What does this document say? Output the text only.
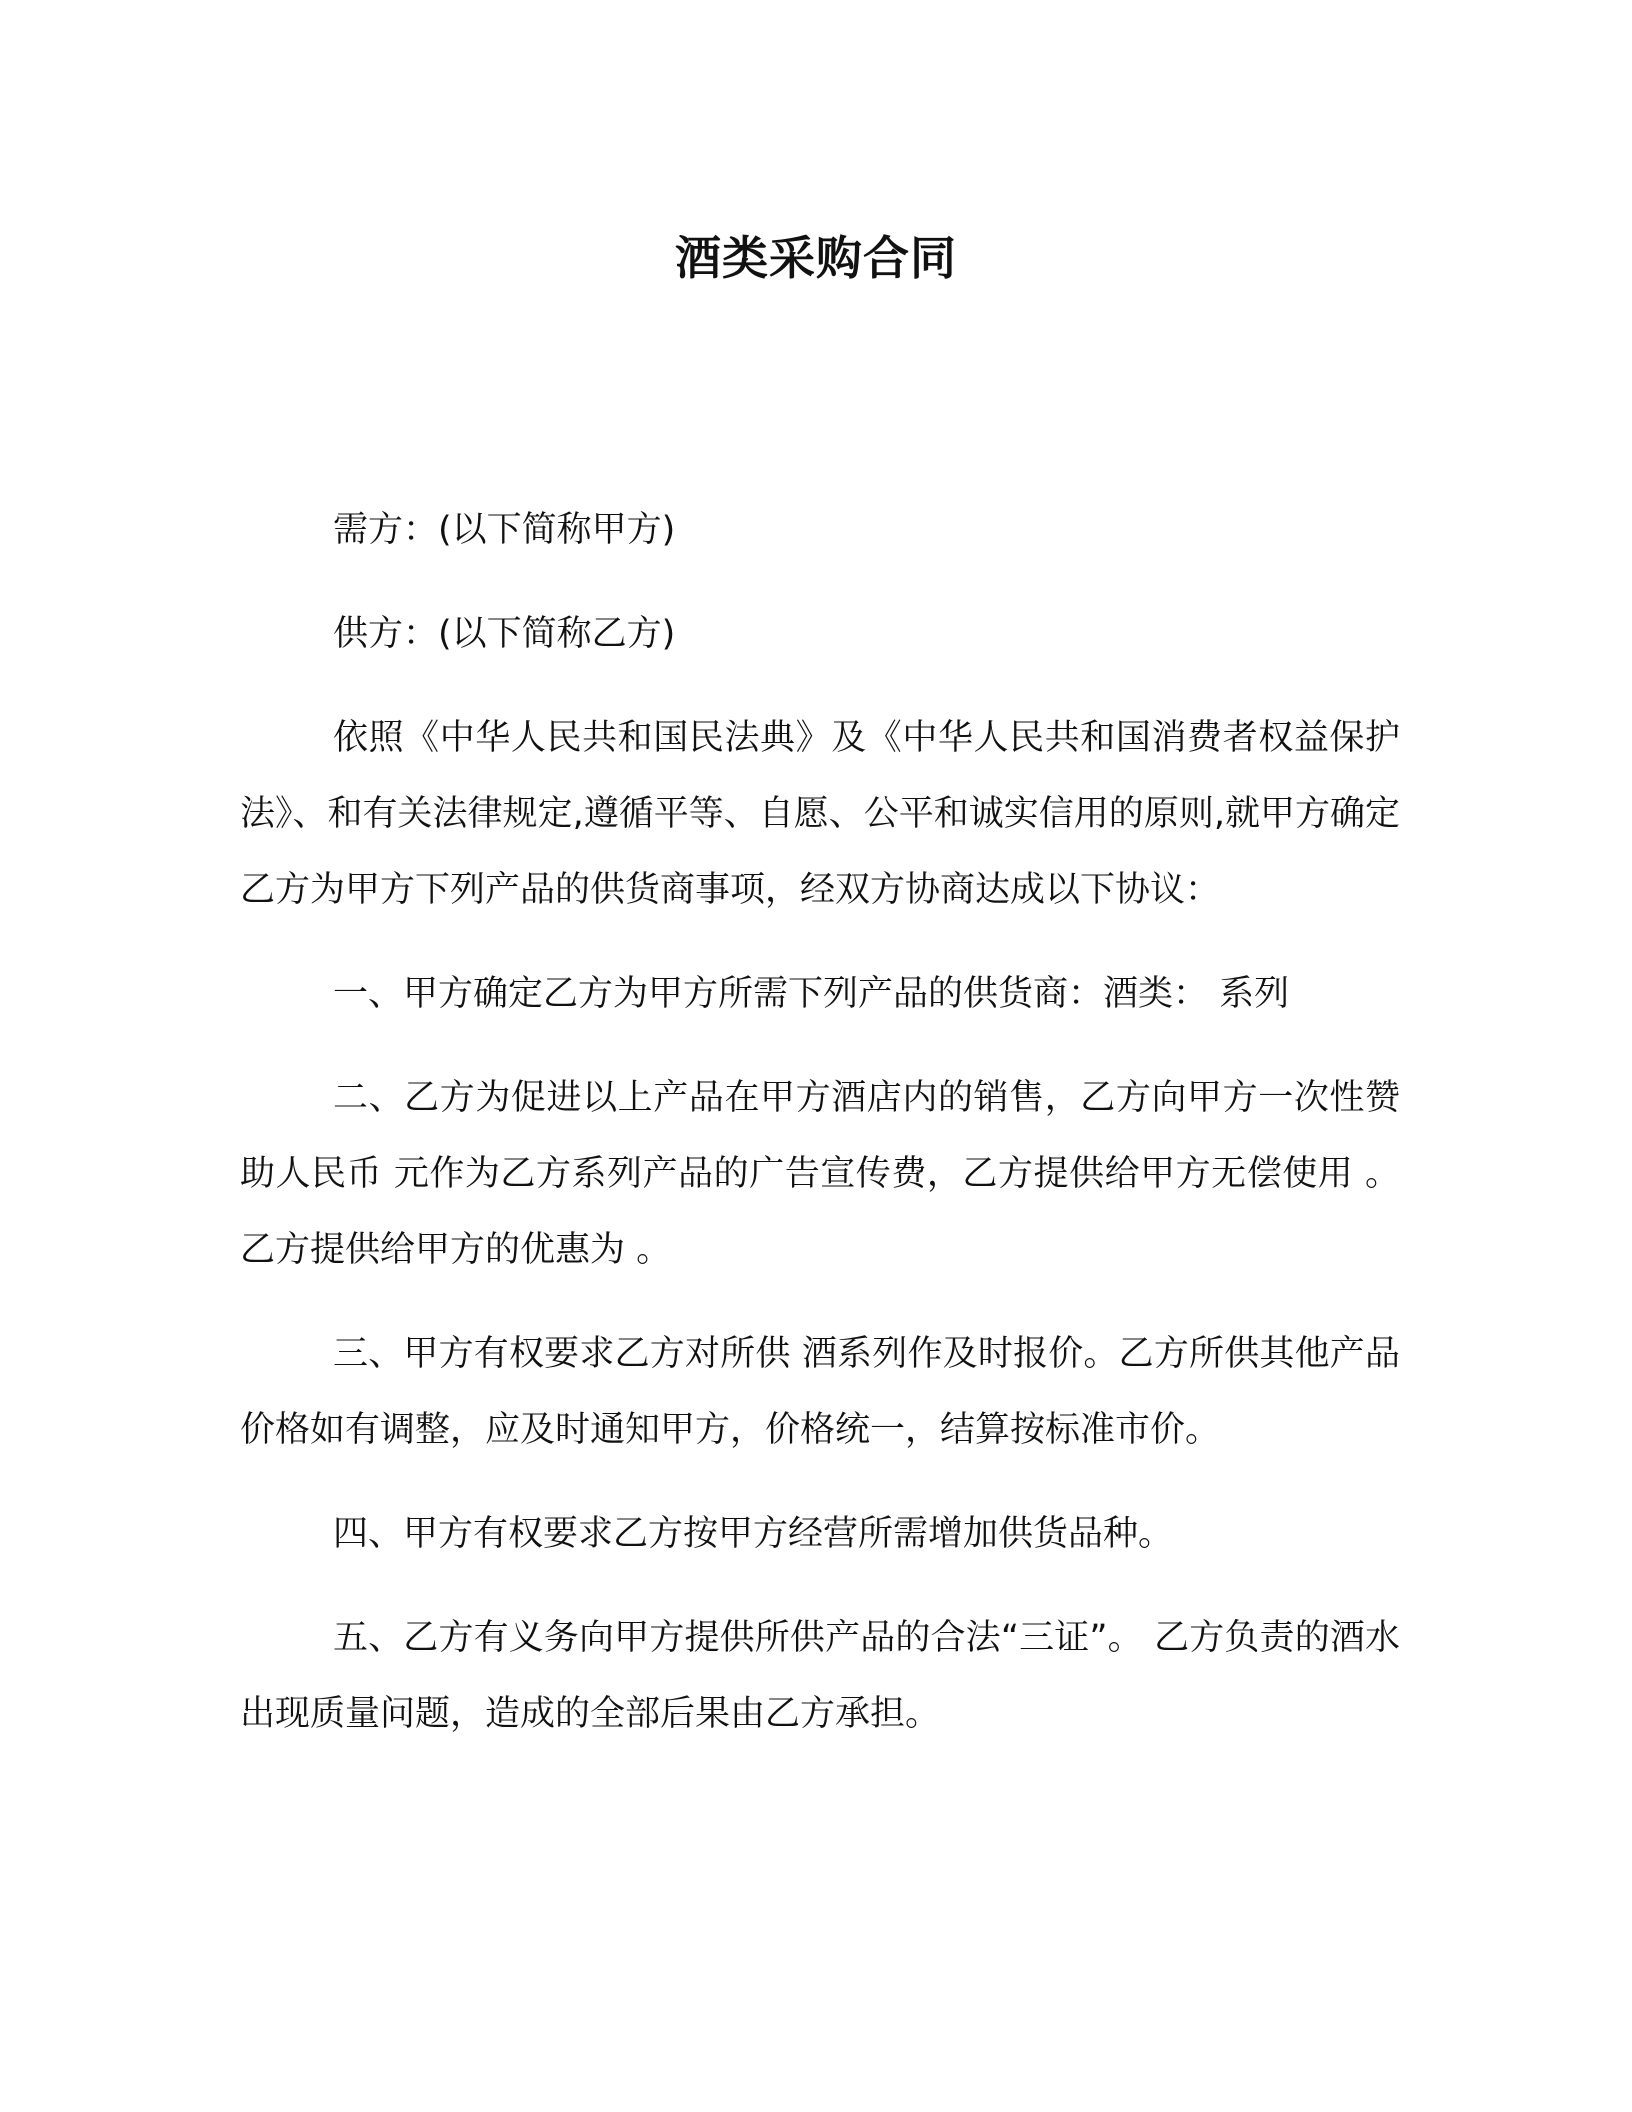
酒类采购合同

需方：(以下简称甲方)

供方：(以下简称乙方)

依照《中华人民共和国民法典》及《中华人民共和国消费者权益保护法》、和有关法律规定,遵循平等、自愿、公平和诚实信用的原则,就甲方确定乙方为甲方下列产品的供货商事项，经双方协商达成以下协议：

一、甲方确定乙方为甲方所需下列产品的供货商：酒类： 系列

二、乙方为促进以上产品在甲方酒店内的销售，乙方向甲方一次性赞助人民币 元作为乙方系列产品的广告宣传费，乙方提供给甲方无偿使用 。乙方提供给甲方的优惠为 。

三、甲方有权要求乙方对所供 酒系列作及时报价。乙方所供其他产品价格如有调整，应及时通知甲方，价格统一，结算按标准市价。

四、甲方有权要求乙方按甲方经营所需增加供货品种。

五、乙方有义务向甲方提供所供产品的合法“三证”。 乙方负责的酒水出现质量问题，造成的全部后果由乙方承担。
